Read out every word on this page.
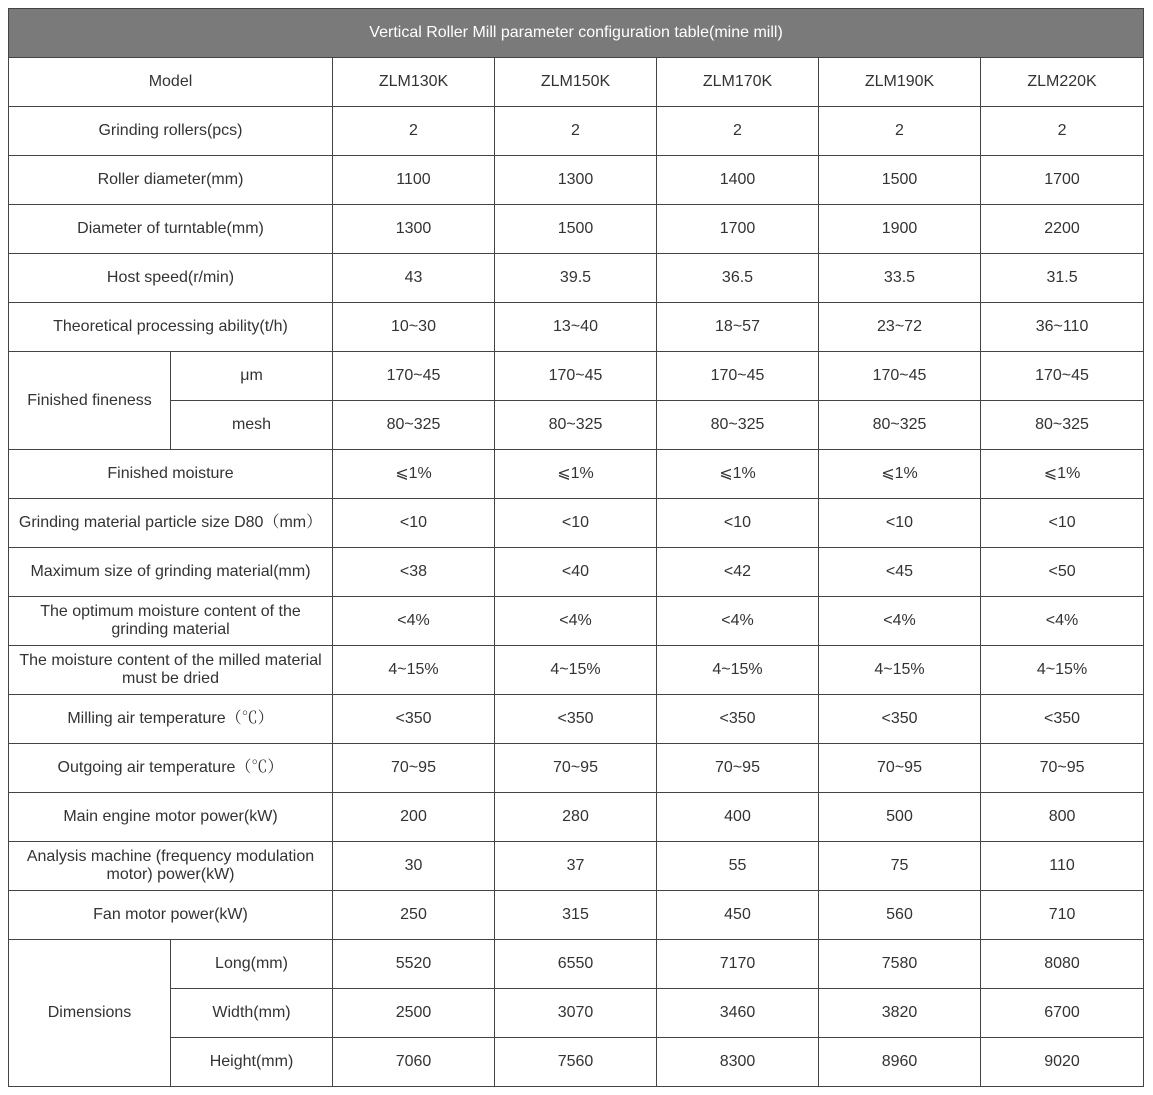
Vertical Roller Mill parameter configuration table(mine mill)						
Model		ZLM130K	ZLM150K	ZLM170K	ZLM190K	ZLM220K
Grinding rollers(pcs)		2	2	2	2	2
Roller diameter(mm)		1100	1300	1400	1500	1700
Diameter of turntable(mm)		1300	1500	1700	1900	2200
Host speed(r/min)		43	39.5	36.5	33.5	31.5
Theoretical processing ability(t/h)		10~30	13~40	18~57	23~72	36~110
Finished fineness	μm	170~45	170~45	170~45	170~45	170~45
	mesh	80~325	80~325	80~325	80~325	80~325
Finished moisture		⩽1%	⩽1%	⩽1%	⩽1%	⩽1%
Grinding material particle size D80（mm）		<10	<10	<10	<10	<10
Maximum size of grinding material(mm)		<38	<40	<42	<45	<50
The optimum moisture content of the grinding material		<4%	<4%	<4%	<4%	<4%
The moisture content of the milled material must be dried		4~15%	4~15%	4~15%	4~15%	4~15%
Milling air temperature（℃）		<350	<350	<350	<350	<350
Outgoing air temperature（℃）		70~95	70~95	70~95	70~95	70~95
Main engine motor power(kW)		200	280	400	500	800
Analysis machine (frequency modulation motor) power(kW)		30	37	55	75	110
Fan motor power(kW)		250	315	450	560	710
Dimensions	Long(mm)	5520	6550	7170	7580	8080
	Width(mm)	2500	3070	3460	3820	6700
	Height(mm)	7060	7560	8300	8960	9020
